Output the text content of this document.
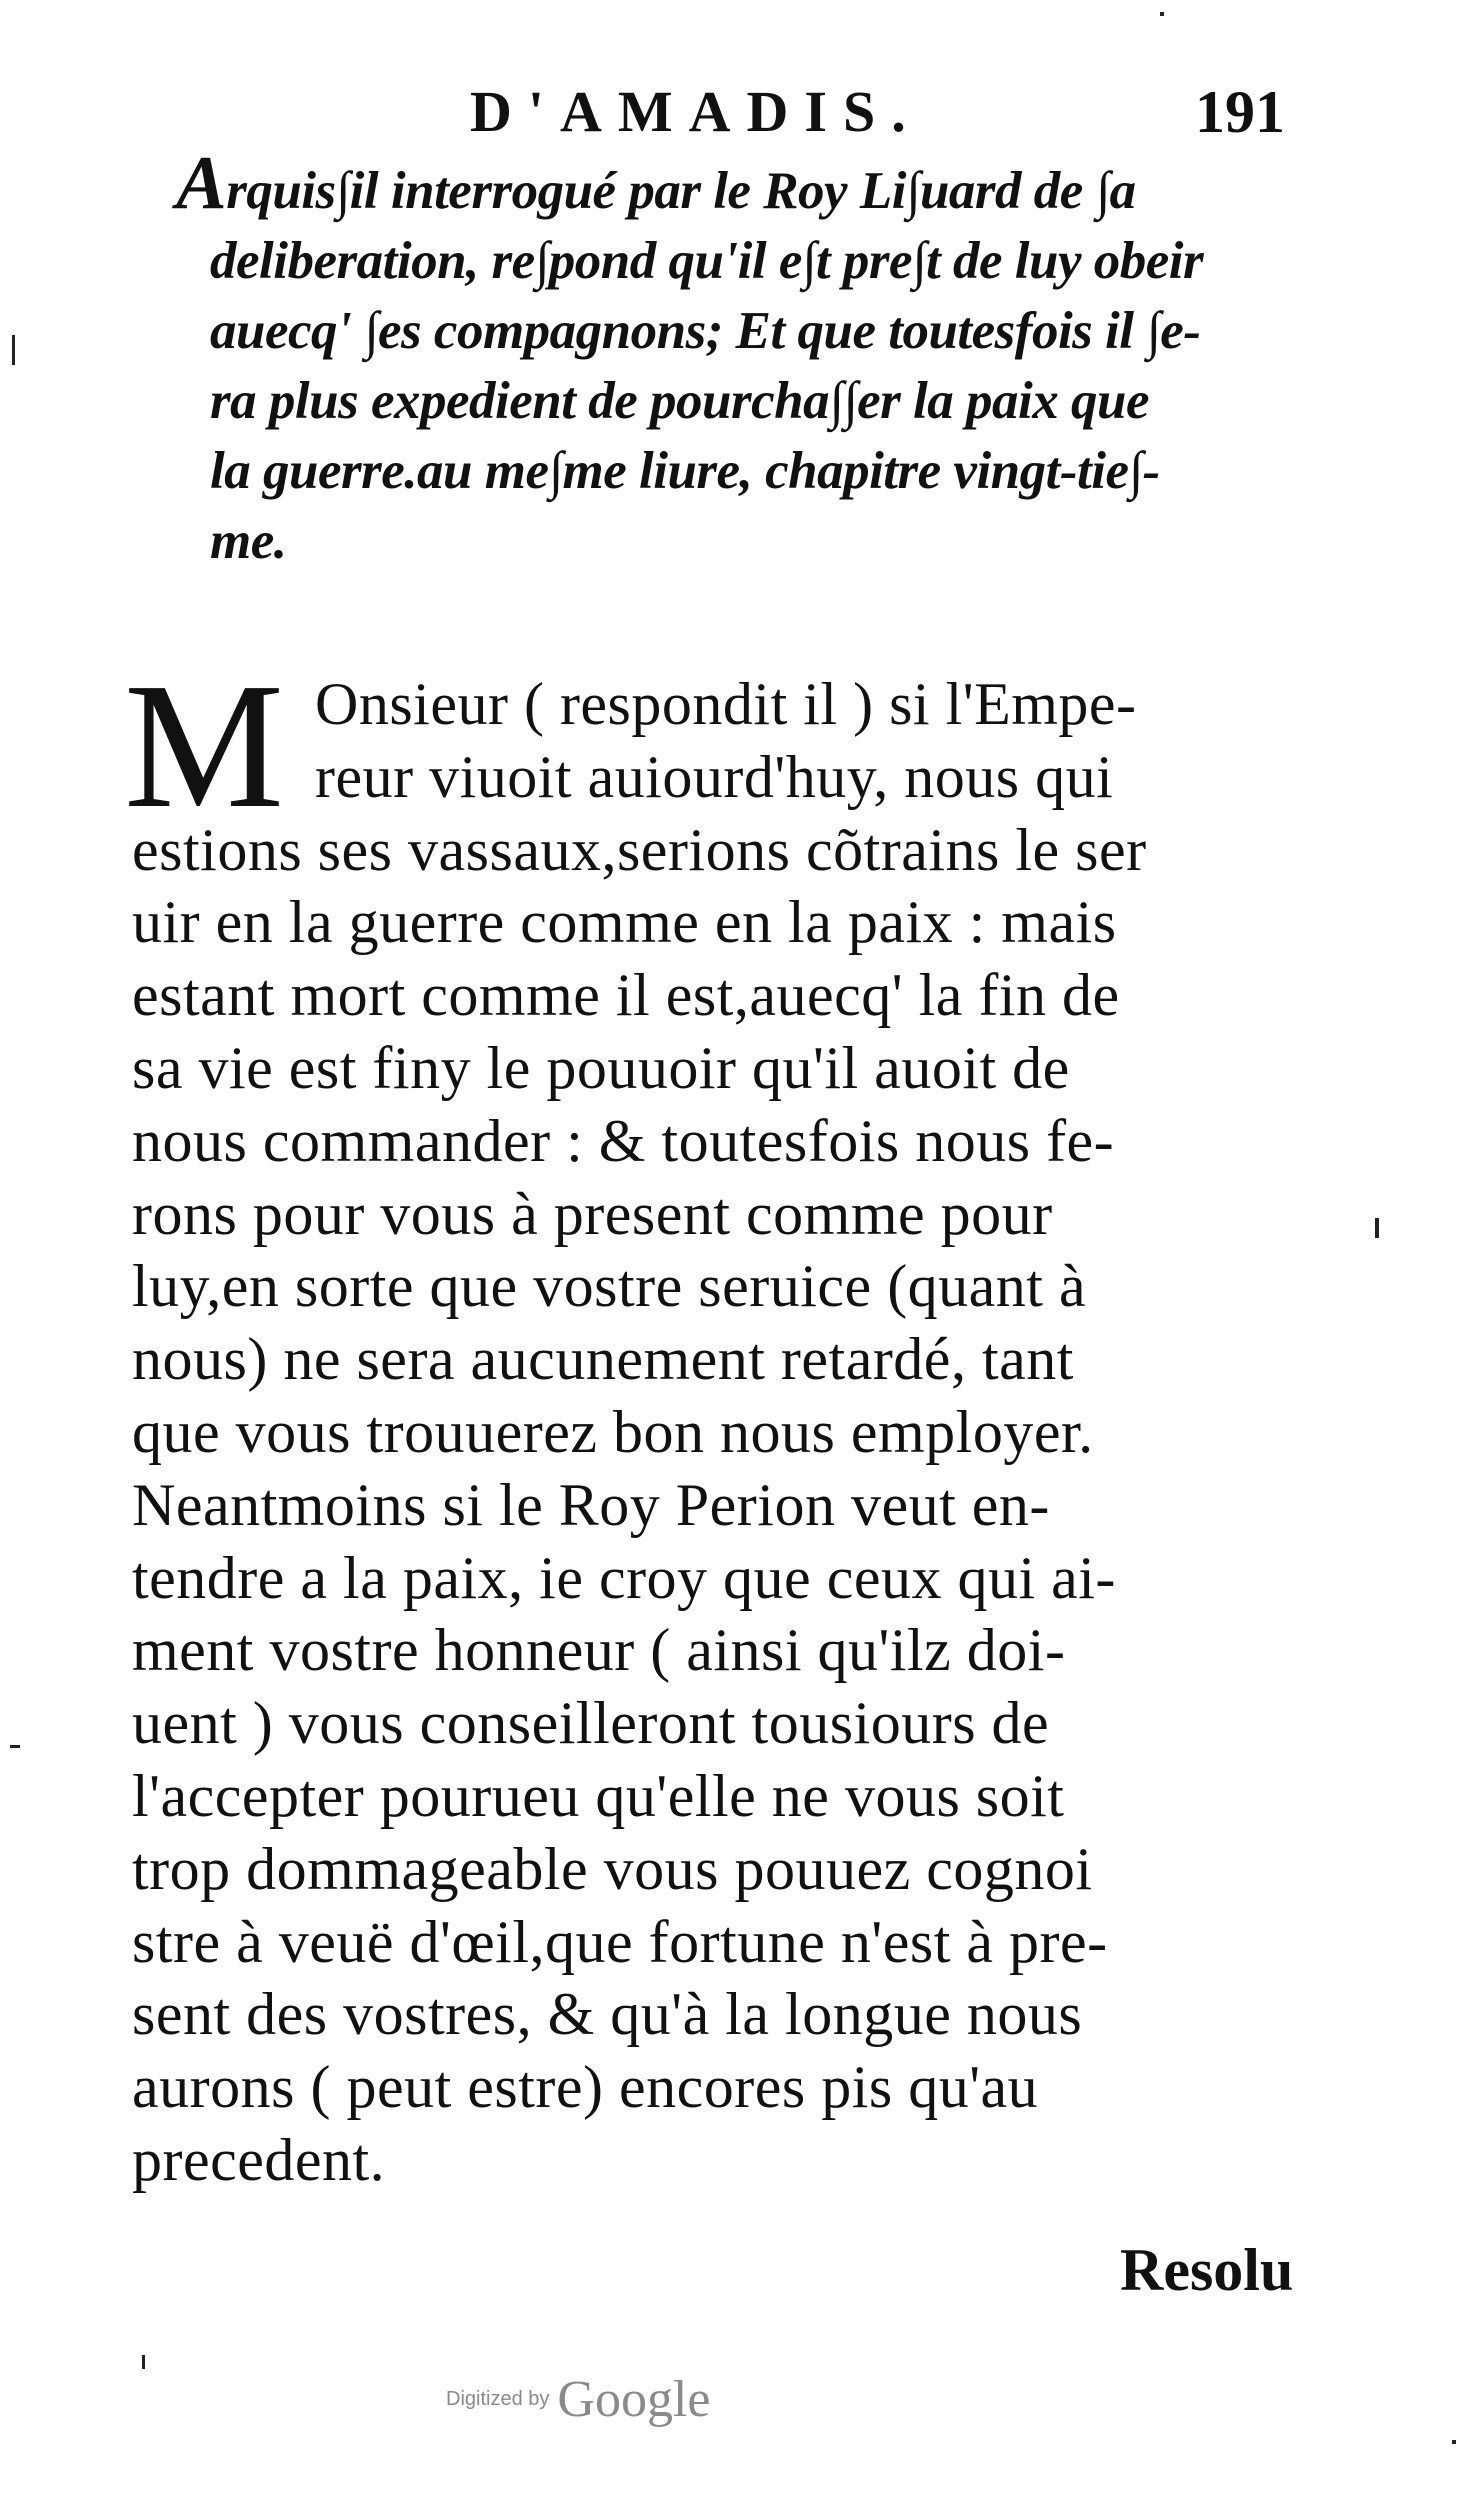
D'AMADIS.	191
Arquis∫il interrogué par le Roy Li∫uard de ∫a
deliberation, re∫pond qu'il e∫t pre∫t de luy obeir
auecq' ∫es compagnons; Et que toutesfois il ∫e-
ra plus expedient de pourcha∫∫er la paix que
la guerre.au me∫me liure, chapitre vingt-tie∫-
me.
M Onsieur ( respondit il ) si l'Empe-
reur viuoit auiourd'huy, nous qui
estions ses vassaux,serions cõtrains le ser
uir en la guerre comme en la paix : mais
estant mort comme il est,auecq' la fin de
sa vie est finy le pouuoir qu'il auoit de
nous commander : & toutesfois nous fe-
rons pour vous à present comme pour
luy,en sorte que vostre seruice (quant à
nous) ne sera aucunement retardé, tant
que vous trouuerez bon nous employer.
Neantmoins si le Roy Perion veut en-
tendre a la paix, ie croy que ceux qui ai-
ment vostre honneur ( ainsi qu'ilz doi-
uent ) vous conseilleront tousiours de
l'accepter pourueu qu'elle ne vous soit
trop dommageable vous pouuez cognoi
stre à veuë d'œil,que fortune n'est à pre-
sent des vostres, & qu'à la longue nous
aurons ( peut estre) encores pis qu'au
precedent.
Resolu
Digitized by Google
